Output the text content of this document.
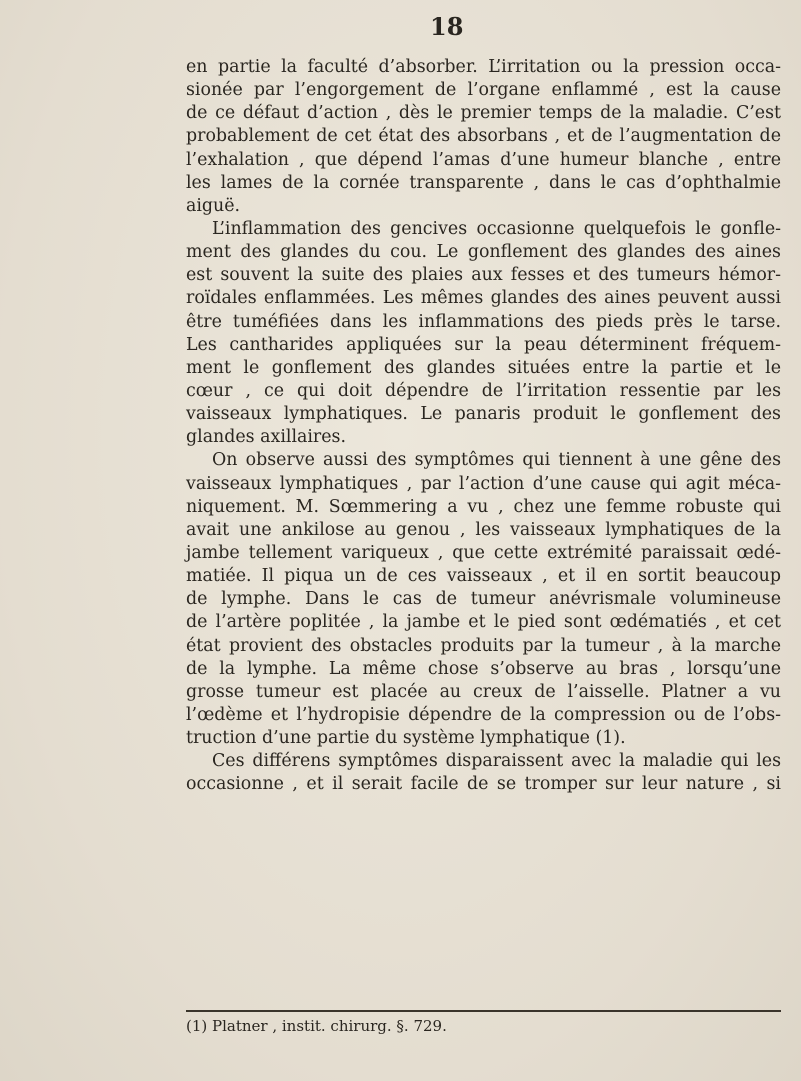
18
en partie la faculté d’absorber. L’irritation ou la pression occa-
sionée par l’engorgement de l’organe enflammé , est la cause
de ce défaut d’action , dès le premier temps de la maladie. C’est
probablement de cet état des absorbans , et de l’augmentation de
l’exhalation , que dépend l’amas d’une humeur blanche , entre
les lames de la cornée transparente , dans le cas d’ophthalmie
aiguë.
L’inflammation des gencives occasionne quelquefois le gonfle-
ment des glandes du cou. Le gonflement des glandes des aines
est souvent la suite des plaies aux fesses et des tumeurs hémor-
roïdales enflammées. Les mêmes glandes des aines peuvent aussi
être tuméfiées dans les inflammations des pieds près le tarse.
Les cantharides appliquées sur la peau déterminent fréquem-
ment le gonflement des glandes situées entre la partie et le
cœur , ce qui doit dépendre de l’irritation ressentie par les
vaisseaux lymphatiques. Le panaris produit le gonflement des
glandes axillaires.
On observe aussi des symptômes qui tiennent à une gêne des
vaisseaux lymphatiques , par l’action d’une cause qui agit méca-
niquement. M. Sœmmering a vu , chez une femme robuste qui
avait une ankilose au genou , les vaisseaux lymphatiques de la
jambe tellement variqueux , que cette extrémité paraissait œdé-
matiée. Il piqua un de ces vaisseaux , et il en sortit beaucoup
de lymphe. Dans le cas de tumeur anévrismale volumineuse
de l’artère poplitée , la jambe et le pied sont œdématiés , et cet
état provient des obstacles produits par la tumeur , à la marche
de la lymphe. La même chose s’observe au bras , lorsqu’une
grosse tumeur est placée au creux de l’aisselle. Platner a vu
l’œdème et l’hydropisie dépendre de la compression ou de l’obs-
truction d’une partie du système lymphatique (1).
Ces différens symptômes disparaissent avec la maladie qui les
occasionne , et il serait facile de se tromper sur leur nature , si
(1) Platner , instit. chirurg. §. 729.
